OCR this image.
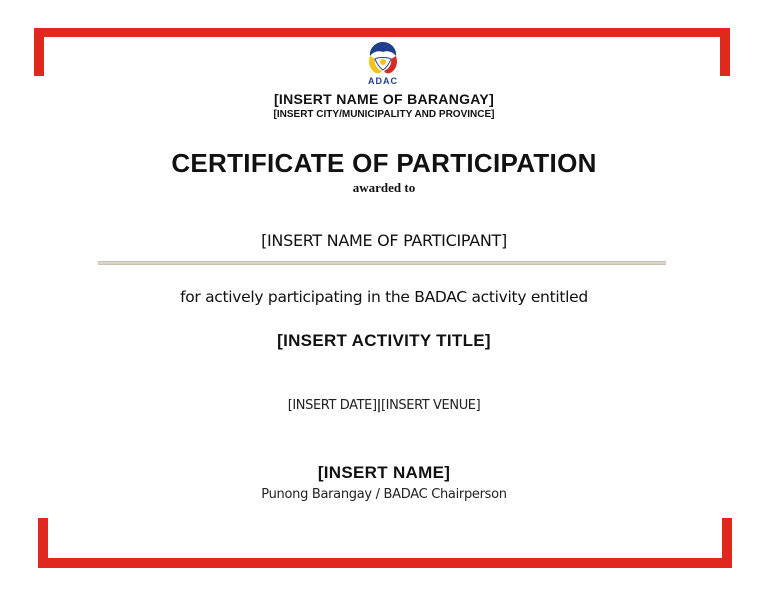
ADAC
[INSERT NAME OF BARANGAY]
[INSERT CITY/MUNICIPALITY AND PROVINCE]
CERTIFICATE OF PARTICIPATION
awarded to
[INSERT NAME OF PARTICIPANT]
for actively participating in the BADAC activity entitled
[INSERT ACTIVITY TITLE]
[INSERT DATE]|[INSERT VENUE]
[INSERT NAME]
Punong Barangay / BADAC Chairperson
